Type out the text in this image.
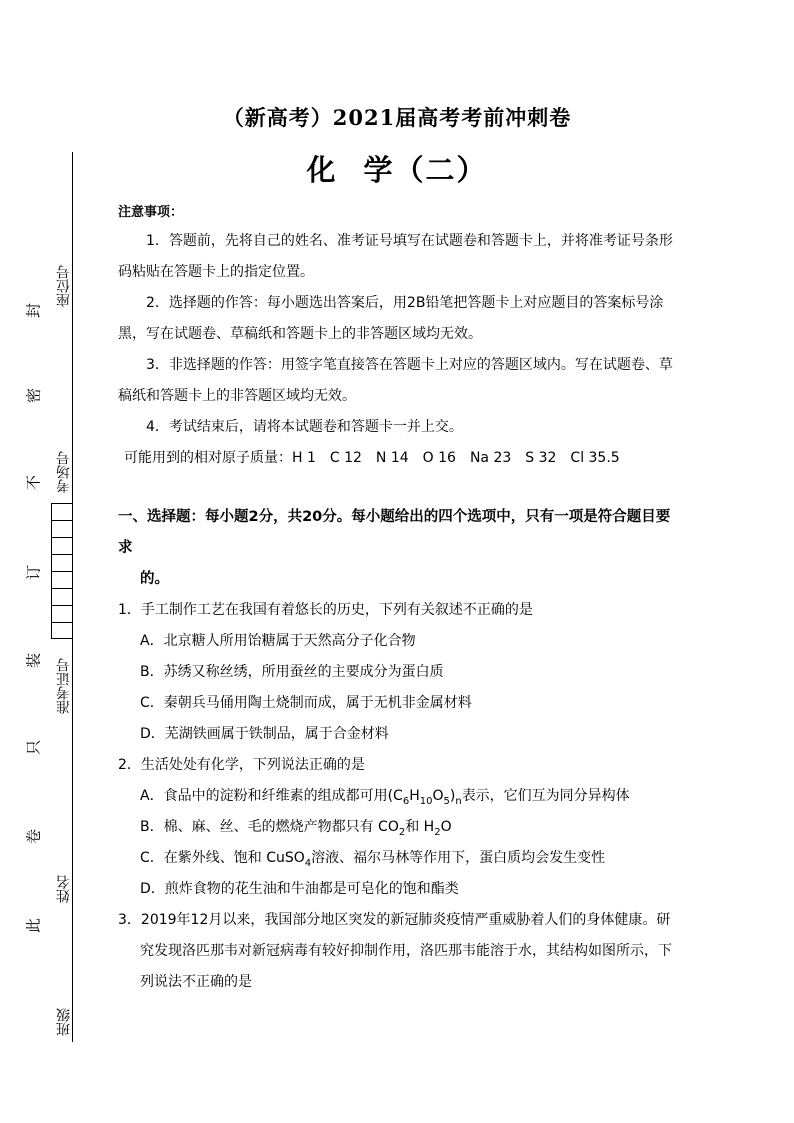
座位号
考场号
准考证号
姓名
班级
封
密
不
订
装
只
卷
此
（新高考）2021届高考考前冲刺卷
化 学（二）
注意事项：
1．答题前，先将自己的姓名、准考证号填写在试题卷和答题卡上，并将准考证号条形码粘贴在答题卡上的指定位置。
2．选择题的作答：每小题选出答案后，用2B铅笔把答题卡上对应题目的答案标号涂黑，写在试题卷、草稿纸和答题卡上的非答题区域均无效。
3．非选择题的作答：用签字笔直接答在答题卡上对应的答题区域内。写在试题卷、草稿纸和答题卡上的非答题区域均无效。
4．考试结束后，请将本试题卷和答题卡一并上交。
可能用到的相对原子质量：H 1　C 12　N 14　O 16　Na 23　S 32　Cl 35.5
一、选择题：每小题2分，共20分。每小题给出的四个选项中，只有一项是符合题目要求
的。
1．手工制作工艺在我国有着悠长的历史，下列有关叙述不正确的是
A．北京糖人所用饴糖属于天然高分子化合物
B．苏绣又称丝绣，所用蚕丝的主要成分为蛋白质
C．秦朝兵马俑用陶土烧制而成，属于无机非金属材料
D．芜湖铁画属于铁制品，属于合金材料
2．生活处处有化学，下列说法正确的是
A．食品中的淀粉和纤维素的组成都可用$(C_6H_{10}O_5)_n$表示，它们互为同分异构体
B．棉、麻、丝、毛的燃烧产物都只有 $CO_2$和 $H_2O$
C．在紫外线、饱和 CuSO$_4$溶液、福尔马林等作用下，蛋白质均会发生变性
D．煎炸食物的花生油和牛油都是可皂化的饱和酯类
3．2019年12月以来，我国部分地区突发的新冠肺炎疫情严重威胁着人们的身体健康。研
究发现洛匹那韦对新冠病毒有较好抑制作用，洛匹那韦能溶于水，其结构如图所示，下
列说法不正确的是
